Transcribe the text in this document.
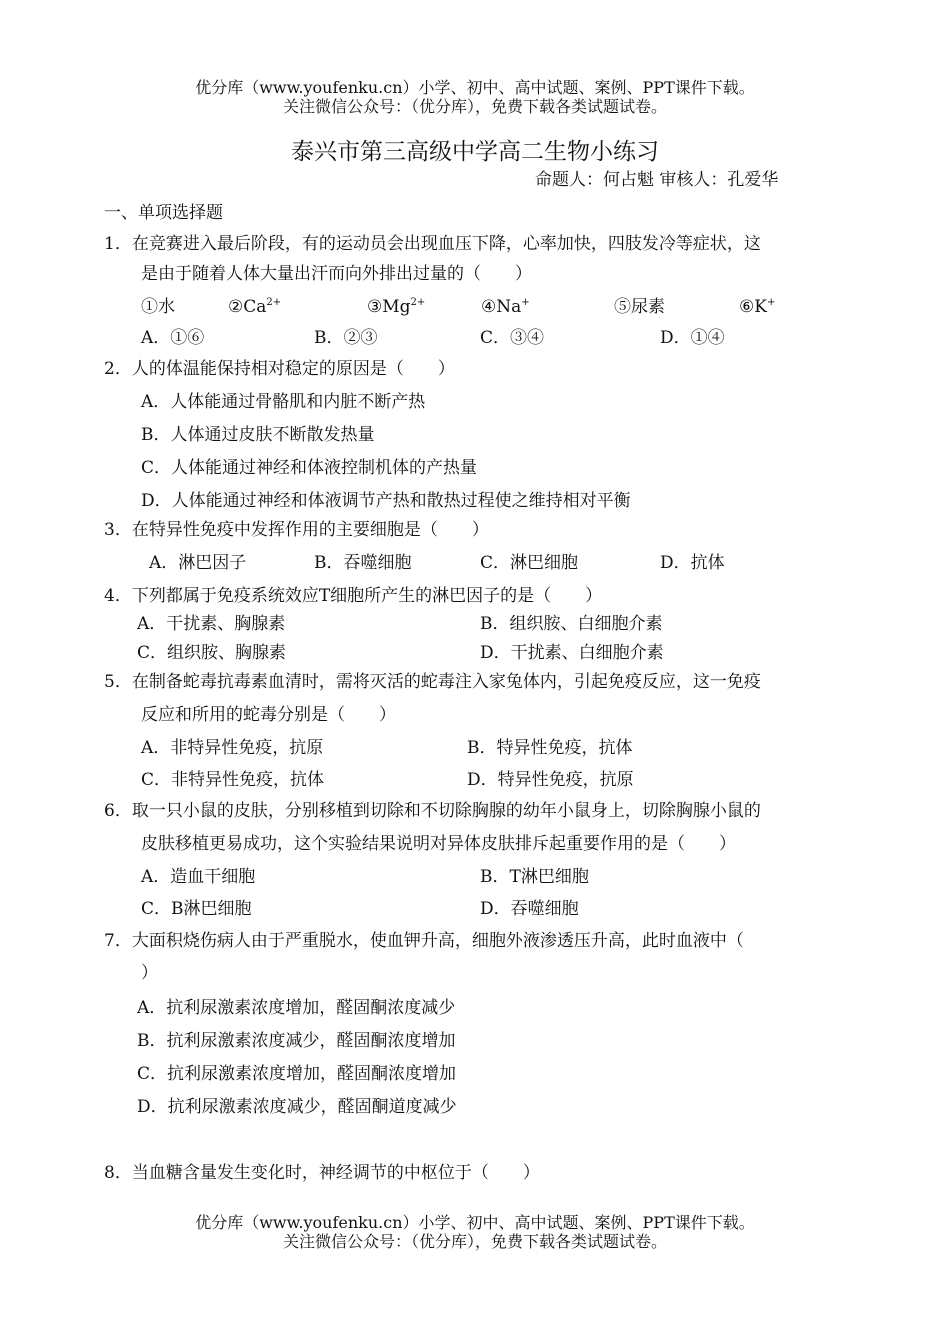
优分库（www.youfenku.cn）小学、初中、高中试题、案例、PPT课件下载。
关注微信公众号：（优分库），免费下载各类试题试卷。
泰兴市第三高级中学高二生物小练习
命题人：何占魁 审核人：孔爱华
一、单项选择题
1．在竞赛进入最后阶段，有的运动员会出现血压下降，心率加快，四肢发冷等症状，这
是由于随着人体大量出汗而向外排出过量的（　　）
①水	$②Ca^{2+}$	$③Mg^{2+}$	④Na+	⑤尿素	⑥K+
A．①⑥	B．②③	C．③④	D．①④
2．人的体温能保持相对稳定的原因是（　　）
A．人体能通过骨骼肌和内脏不断产热
B．人体通过皮肤不断散发热量
C．人体能通过神经和体液控制机体的产热量
D．人体能通过神经和体液调节产热和散热过程使之维持相对平衡
3．在特异性免疫中发挥作用的主要细胞是（　　）
A．淋巴因子	B．吞噬细胞	C．淋巴细胞	D．抗体
4．下列都属于免疫系统效应T细胞所产生的淋巴因子的是（　　）
A．干扰素、胸腺素	B．组织胺、白细胞介素
C．组织胺、胸腺素	D．干扰素、白细胞介素
5．在制备蛇毒抗毒素血清时，需将灭活的蛇毒注入家兔体内，引起免疫反应，这一免疫
反应和所用的蛇毒分别是（　　）
A．非特异性免疫，抗原	B．特异性免疫，抗体
C．非特异性免疫，抗体	D．特异性免疫，抗原
6．取一只小鼠的皮肤，分别移植到切除和不切除胸腺的幼年小鼠身上，切除胸腺小鼠的
皮肤移植更易成功，这个实验结果说明对异体皮肤排斥起重要作用的是（　　）
A．造血干细胞	B．T淋巴细胞
C．B淋巴细胞	D．吞噬细胞
7．大面积烧伤病人由于严重脱水，使血钾升高，细胞外液渗透压升高，此时血液中（
）
A．抗利尿激素浓度增加，醛固酮浓度减少
B．抗利尿激素浓度减少，醛固酮浓度增加
C．抗利尿激素浓度增加，醛固酮浓度增加
D．抗利尿激素浓度减少，醛固酮道度减少
8．当血糖含量发生变化时，神经调节的中枢位于（　　）
优分库（www.youfenku.cn）小学、初中、高中试题、案例、PPT课件下载。
关注微信公众号：（优分库），免费下载各类试题试卷。
